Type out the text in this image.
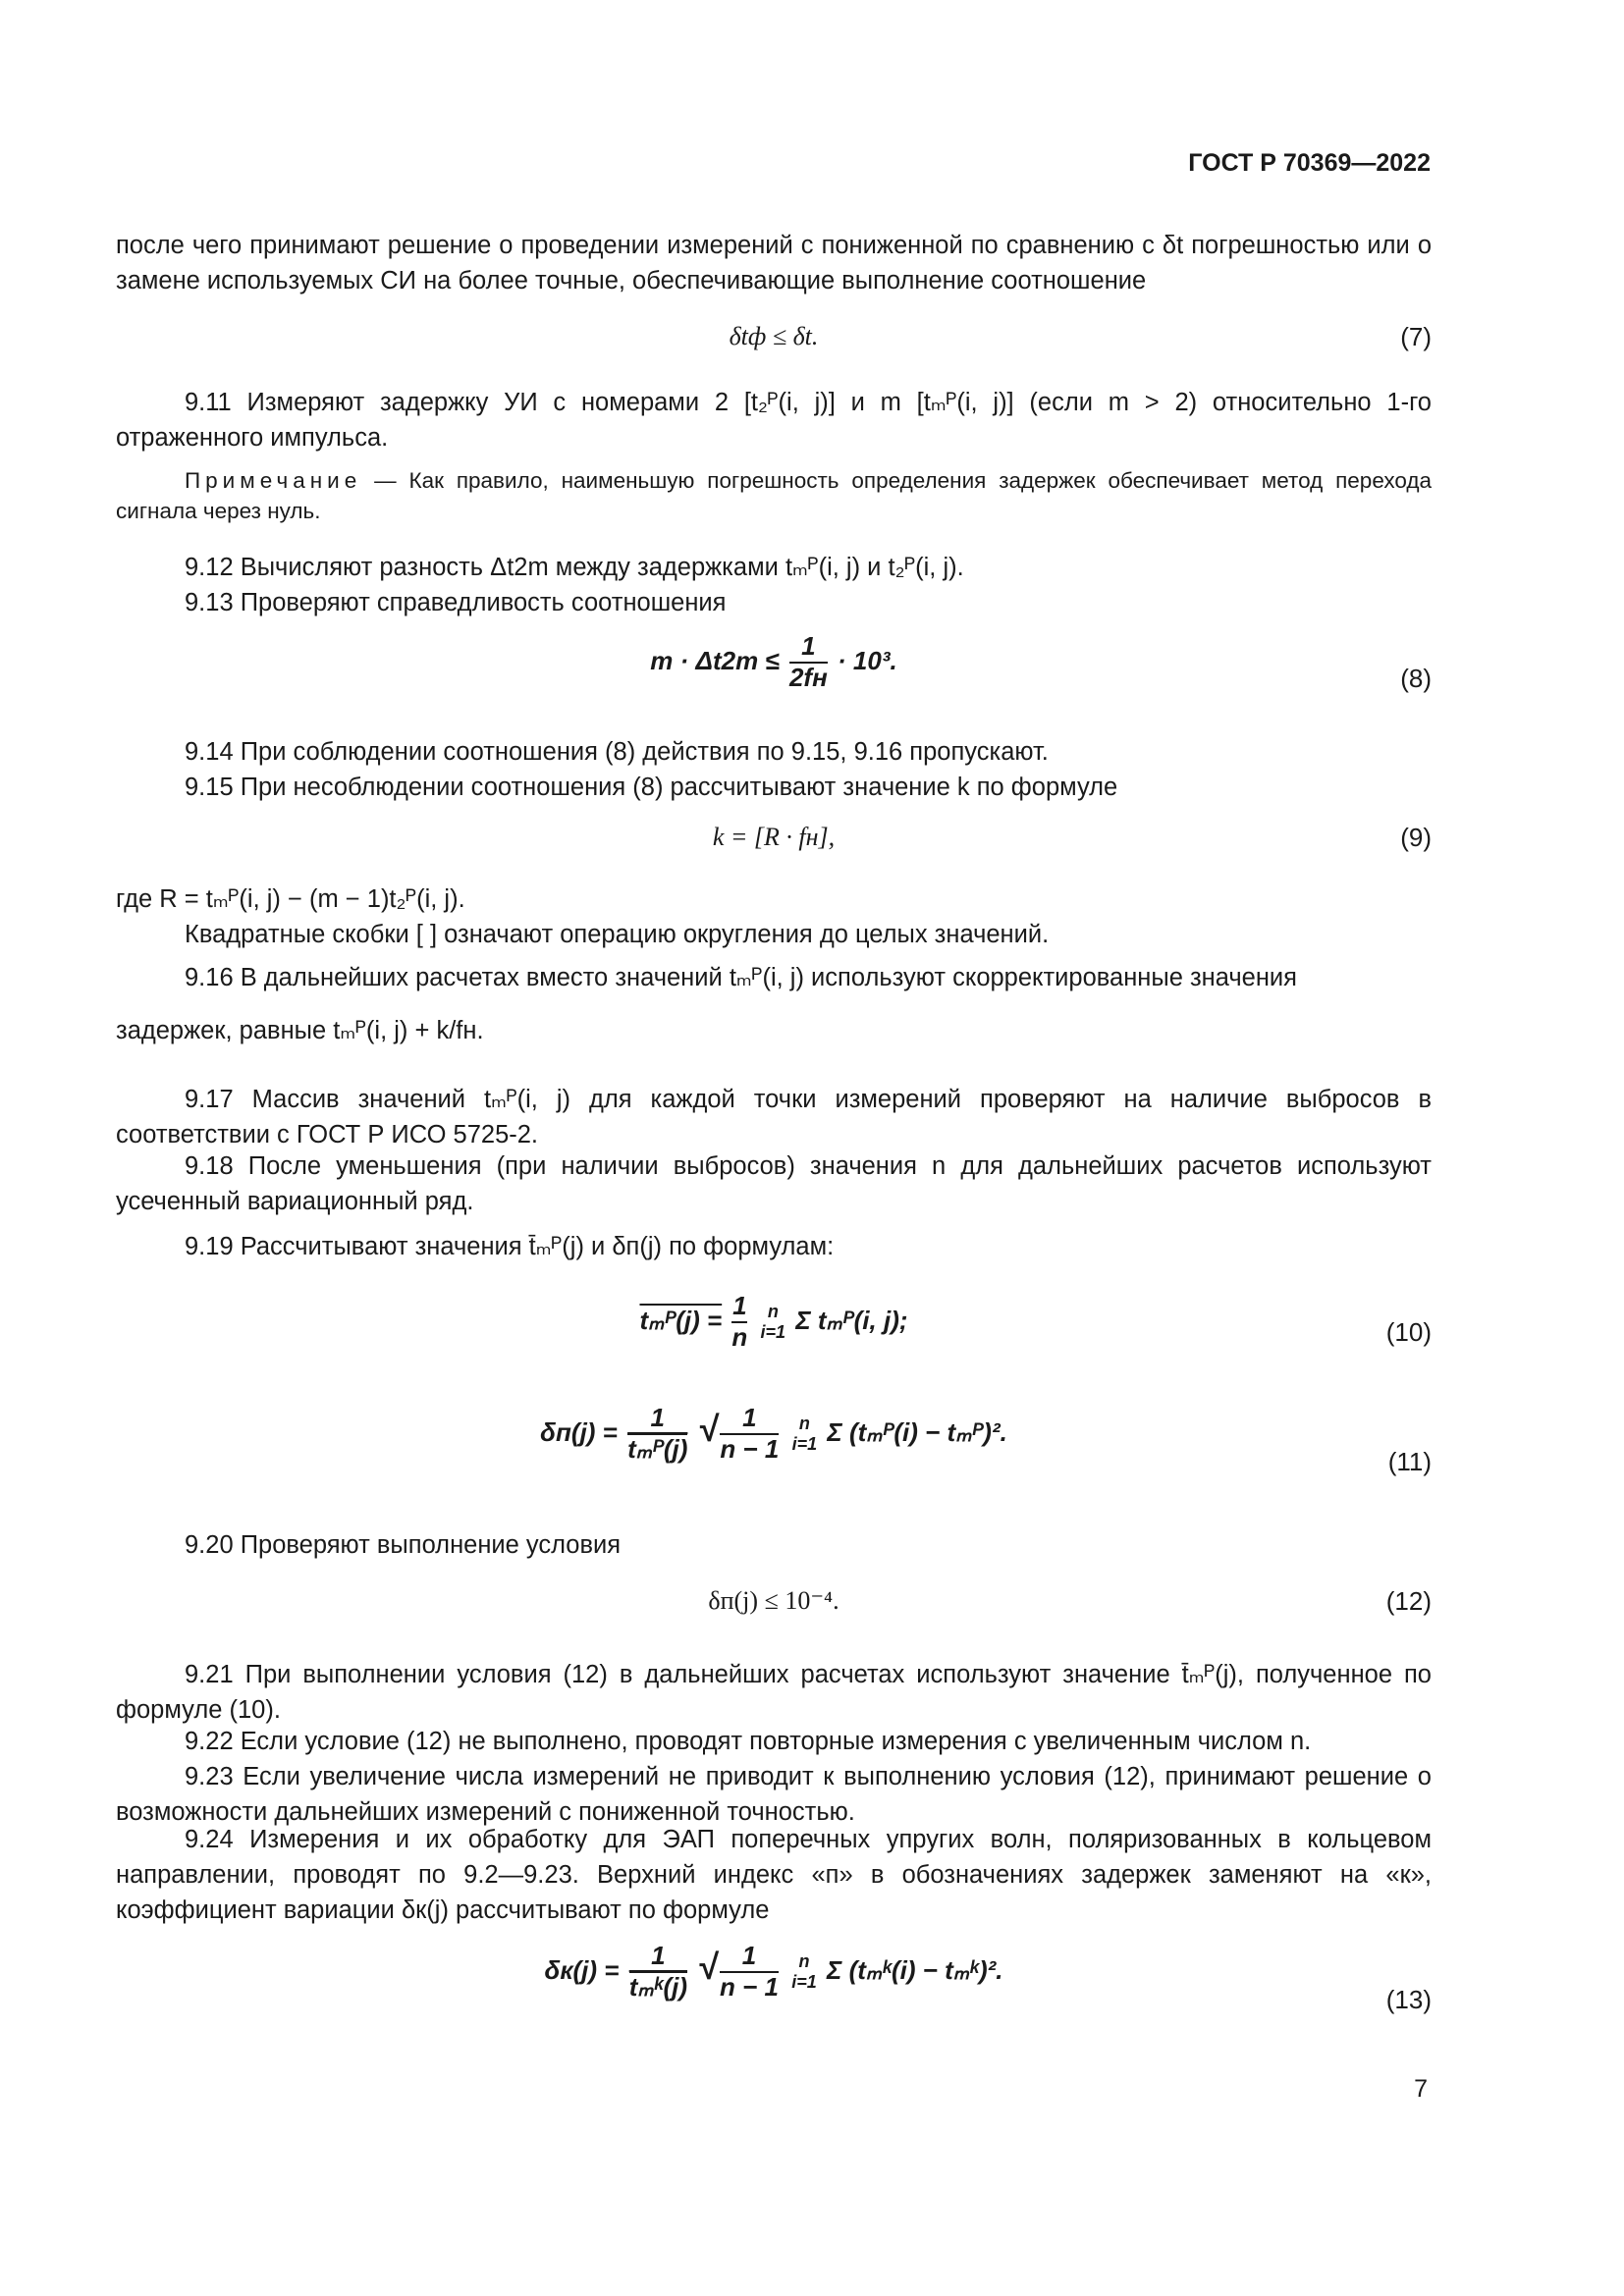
ГОСТ Р 70369—2022
после чего принимают решение о проведении измерений с пониженной по сравнению с δt погрешностью или о замене используемых СИ на более точные, обеспечивающие выполнение соотношение
δtф ≤ δt.	(7)
9.11 Измеряют задержку УИ с номерами 2 [t₂ᴾ(i, j)] и m [tₘᴾ(i, j)] (если m > 2) относительно 1-го отраженного импульса.
Примечание — Как правило, наименьшую погрешность определения задержек обеспечивает метод перехода сигнала через нуль.
9.12 Вычисляют разность Δt2m между задержками tₘᴾ(i, j) и t₂ᴾ(i, j).
9.13 Проверяют справедливость соотношения
m · Δt2m ≤ 1
2fн
· 10³.
(8)
9.14 При соблюдении соотношения (8) действия по 9.15, 9.16 пропускают.
9.15 При несоблюдении соотношения (8) рассчитывают значение k по формуле
k = [R · fн],	(9)
где R = tₘᴾ(i, j) − (m − 1)t₂ᴾ(i, j).
Квадратные скобки [ ] означают операцию округления до целых значений.
9.16 В дальнейших расчетах вместо значений tₘᴾ(i, j) используют скорректированные значения
задержек, равные tₘᴾ(i, j) + k/fн.
9.17 Массив значений tₘᴾ(i, j) для каждой точки измерений проверяют на наличие выбросов в соответствии с ГОСТ Р ИСО 5725-2.
9.18 После уменьшения (при наличии выбросов) значения n для дальнейших расчетов используют усеченный вариационный ряд.
9.19 Рассчитывают значения t̄ₘᴾ(j) и δп(j) по формулам:
tₘᴾ(j) = $\frac{1}{n}$
	n
i=1 Σ tₘᴾ(i, j);	(10)
δп(j) =	1
tₘᴾ(j)
√ $\frac{1}{n - 1}$
	n
i=1 Σ (tₘᴾ(i) − tₘᴾ)².
(11)
9.20 Проверяют выполнение условия
δп(j) ≤ 10⁻⁴.	(12)
9.21 При выполнении условия (12) в дальнейших расчетах используют значение t̄ₘᴾ(j), полученное по формуле (10).
9.22 Если условие (12) не выполнено, проводят повторные измерения с увеличенным числом n.
9.23 Если увеличение числа измерений не приводит к выполнению условия (12), принимают решение о возможности дальнейших измерений с пониженной точностью.
9.24 Измерения и их обработку для ЭАП поперечных упругих волн, поляризованных в кольцевом направлении, проводят по 9.2—9.23. Верхний индекс «п» в обозначениях задержек заменяют на «к», коэффициент вариации δк(j) рассчитывают по формуле
δк(j) =	1
tₘᵏ(j)
√ $\frac{1}{n - 1}$
	n
i=1 Σ (tₘᵏ(i) − tₘᵏ)².
(13)
7
